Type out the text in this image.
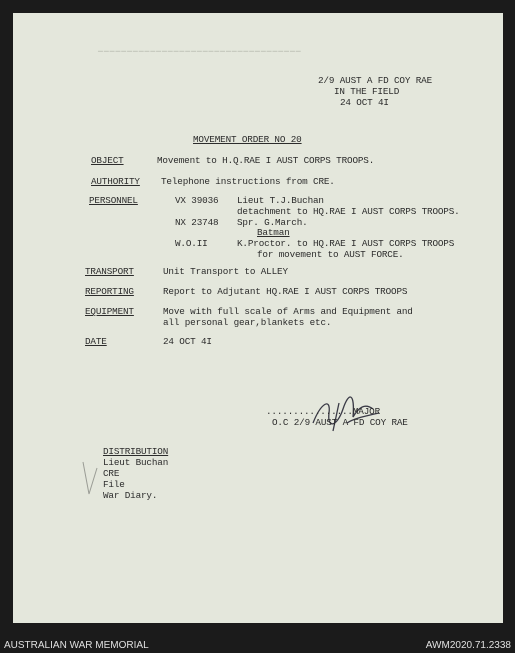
▁▁▁▁▁▁▁▁▁▁▁▁▁▁▁▁▁▁▁▁▁▁▁▁▁▁▁▁▁▁▁▁▁▁▁
2/9 AUST A FD COY RAE
IN THE FIELD
24 OCT 4I
MOVEMENT ORDER NO 20
OBJECT	Movement to H.Q.RAE I AUST CORPS TROOPS.
AUTHORITY Telephone instructions from CRE.
PERSONNEL	VX 39036 Lieut T.J.Buchan
detachment to HQ.RAE I AUST CORPS TROOPS.
NX 23748 Spr. G.March.
Batman
W.O.II	K.Proctor. to HQ.RAE I AUST CORPS TROOPS
for movement to AUST FORCE.
TRANSPORT	Unit Transport to ALLEY
REPORTING	Report to Adjutant HQ.RAE I AUST CORPS TROOPS
EQUIPMENT	Move with full scale of Arms and Equipment and
all personal gear,blankets etc.
DATE	24 OCT 4I
................MAJOR
O.C 2/9 AUST A FD COY RAE
DISTRIBUTION
Lieut Buchan
CRE
File
War Diary.
AUSTRALIAN WAR MEMORIAL	AWM2020.71.2338
